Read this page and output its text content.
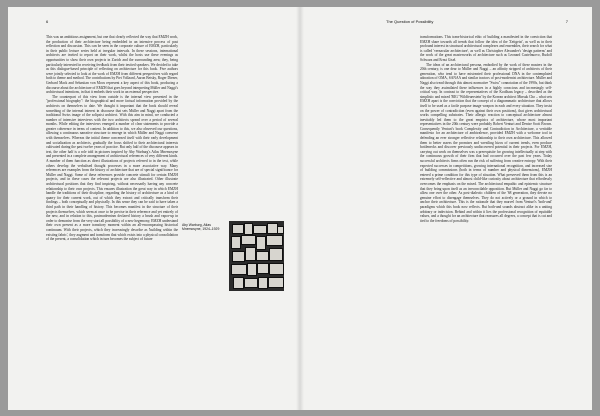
6

This was an ambitious assignment, but one that clearly reflected the way that EMZH work, the production of their architecture being embedded in an intensive process of past reflection and discussion. This can be seen in the corporate culture of EMZH, particularly in their public lecture series held at irregular intervals. In these sessions, international architects are invited to report on their work, whilst the hosts use these evenings as opportunities to show their own projects in Zurich and the surrounding area; they, being particularly interested in receiving feedback from their invited speakers. We decided to take as this dialogue-based principle of reflecting on architecture for this book. Five authors were jointly selected to look at the work of EMZH from different perspectives with regard both to theme and method. The contributions by Piet Vollaard, Aaron Betsky, Roger Diener, Gerhard Mack and Sebastian von Moos represent a key aspect of this book, producing a discourse about the architecture of EMZH that goes beyond interpreting Müller and Naggi's architectural intentions, in that it embeds their work in an external perspective.

The counterpart of this view from outside is the internal view presented in the "professional biography": the biographical and more factual information provided by the architects on themselves to date. We thought it important that the book should reveal something of the internal interest in discourse that sets Müller and Naggi apart from the traditional Swiss image of the solipsist architect. With this aim in mind, we conducted a number of intensive interviews with the two architects spread over a period of several months. While editing the interviews emerged a number of clear statements to provide a greater coherence in terms of content. In addition to this, we also observed our questions, allowing a continuous narrative structure to emerge in which Müller and Naggi converse with themselves. Whereas the initial theme concerned itself with their early development and socialization as architects, gradually the focus shifted to their architectural interests cultivated during the past twelve years of practice. But only half of the discourse appears in text, the other half is a role told in pictures inspired by Aby Warburg's Atlas Mnemosyne and presented in a complete arrangement of architectural references of very different kinds. A number of them function as direct illustrations of projects referred to in the text, while others develop the verbalised thought processes in a more associative way. Many references are examples from the history of architecture that are of special significance for Müller and Naggi. Some of these references provide concrete stimuli for certain EMZH projects, and in these cases the relevant projects are also illustrated. Other illustrate architectural positions that they find inspiring, without necessarily having any concrete relationship to their own projects. This ensures illustration the great way in which EMZH handle the traditions of their discipline, regarding the history of architecture as a kind of quarry for their current work, out of which they extract and critically transform their findings – both conceptually and physically. In this sense they can be said to have taken a third path in their handling of history. This becomes manifest in the structure of their projects themselves, which seem at once to be precise in their reference and yet entirely of the new, and in relation to this, postmodernism declared history a brush and vapor-up in order to demonise from the very start all possibility of a new hegemony, EMZH understand their own present as a more transitory moment within an all-encompassing historical continuum. With their projects, which they increasingly describe as 'building within the existing fabric', they augment and transform that which exists into a physical consolidation of the present, a consolidation which in turn becomes the subject of future

Aby Warburg, Atlas Mnemosyne, 1924–1929
The Question of Possibility	7

transformations. This trans-historical ethic of building a manifested in the conviction that EMZH share towards all trends that follow the idea of the 'Zeitgeist', as well as in their profound interest in structural architectural complexes and ensembles, their search for what is called 'vernacular architecture', as well as Christopher Alexander's 'design patterns' and the work of the great masterworks of architecture such as Leonard Castelnuovo, Rudolf Schwarz and Ernst Gisel.

The ideas of an architectural persona, embodied by the work of these masters in the 20th century, is one dear to Müller and Naggi – an affinity stripped of architects of their generation, who tend to have mistreated their professional DNA in the contemplated adoration of OMA, SANAA and similar tractors of post-modernist architecture. Müller and Naggi also tread through this almost normative "Swiss" connotation of the 1990s, but think the way they assimilated these influences in a highly conscious and increasingly self-critical way. In contrast to the representatives of the Koolhaas legacy – described as the simplistic and mixed 'BIG' 'Wildfeuerstein' by the Korean architect Minsuk Cho – what sets EMZH apart is the conviction that the concept of a diagrammatic architecture that allows itself to be used as a facile purpose image weapon in each and every situation. They insist on the power of contradiction (even against their own positions), that gives architectural works compelling substrates. Their allergic reaction to conceptual architecture almost inevitably led them to the great empirics of architecture, whose most important representatives in the 20th century were probably Robert Venturi and Denise Scott Brown. Consequently Venturi's book Complexity and Contradiction in Architecture, a veritable manifesto for an architecture of ambivalence, provided EMZH with a welcome tool in defending an ever stronger reflective relationship to their own architecture. This allowed them to better assess the promises and wrestling hizos of current trends, even produce bottlenecks and discover previously undiscovered potential in their projects. For EMZH, carrying out work on themselves was a prerequisite for growing intellectually at step with the continuous growth of their firm that had occurred over the past few years. Today successful architects firms often run the risk of suffering from creative entropy. With their expected successes in competitions, growing international recognition, and increased size of building commissions (both in terms of number and physical dimensions), EMZH entered a prime condition for this type of situation. What preserved them from this is an extremely self-reflective and almost child-like curiosity about architecture that effortlessly overcomes the emphasis on the mixed. The architectural empathic and epistemic structure that they bring upon itself as an irreconcilable opposition. But Müller and Naggi go far to allow one over the other. As post-dialectic children of the '68 generation, they devote no genuine effort to disengage themselves. They do not actively or a ground in which to anchor their architecture. This is the rationale that they marvel from Venturi's 'both-and' paradigms which this book now reflects. But both-and sounds abstract alike in a uniting arbitrary or indecision. Behind and within it lies the professional recognition of equitable values, and a thought for an architecture that reassures all degrees, a concept that is cut and tied to the freedoms of possibility.
